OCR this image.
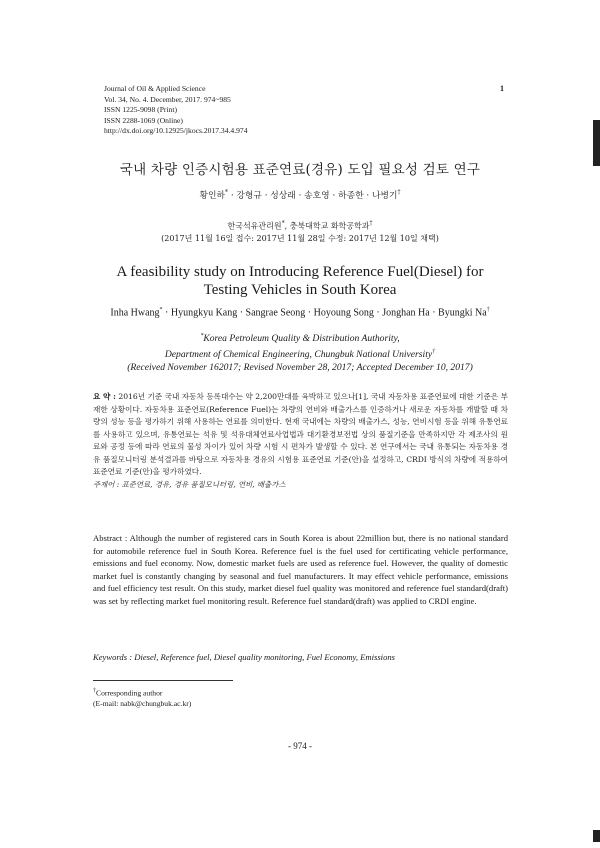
Journal of Oil & Applied Science
Vol. 34, No. 4. December, 2017. 974~985
ISSN 1225-9098 (Print)
ISSN 2288-1069 (Online)
http://dx.doi.org/10.12925/jkocs.2017.34.4.974
1
국내 차량 인증시험용 표준연료(경유) 도입 필요성 검토 연구
황인하* · 강형규 · 성상래 · 송호영 · 하종한 · 나병기†
한국석유관리원*, 충북대학교 화학공학과†
(2017년 11월 16일 접수: 2017년 11월 28일 수정: 2017년 12월 10일 채택)
A feasibility study on Introducing Reference Fuel(Diesel) for
Testing Vehicles in South Korea
Inha Hwang* · Hyungkyu Kang · Sangrae Seong · Hoyoung Song · Jonghan Ha · Byungki Na†
*Korea Petroleum Quality & Distribution Authority,
Department of Chemical Engineering, Chungbuk National University†
(Received November 162017; Revised November 28, 2017; Accepted December 10, 2017)
요 약 : 2016년 기준 국내 자동차 등록대수는 약 2,200만대를 육박하고 있으나[1], 국내 자동차용 표준연료에 대한 기준은 부재한 상황이다. 자동차용 표준연료(Reference Fuel)는 차량의 연비와 배출가스를 인증하거나 새로운 자동차를 개발할 때 차량의 성능 등을 평가하기 위해 사용하는 연료를 의미한다. 현재 국내에는 차량의 배출가스, 성능, 연비시험 등을 위해 유통연료를 사용하고 있으며, 유통연료는 석유 및 석유대체연료사업법과 대기환경보전법 상의 품질기준을 만족하지만 각 제조사의 원료와 공정 등에 따라 연료의 물성 차이가 있어 차량 시험 시 편차가 발생할 수 있다. 본 연구에서는 국내 유통되는 자동차용 경유 품질모니터링 분석결과를 바탕으로 자동차용 경유의 시험용 표준연료 기준(안)을 설정하고, CRDI 방식의 차량에 적용하여 표준연료 기준(안)을 평가하였다.
주제어 : 표준연료, 경유, 경유 품질모니터링, 연비, 배출가스
Abstract : Although the number of registered cars in South Korea is about 22million but, there is no national standard for automobile reference fuel in South Korea. Reference fuel is the fuel used for certificating vehicle performance, emissions and fuel economy. Now, domestic market fuels are used as reference fuel. However, the quality of domestic market fuel is constantly changing by seasonal and fuel manufacturers. It may effect vehicle performance, emissions and fuel efficiency test result. On this study, market diesel fuel quality was monitored and reference fuel standard(draft) was set by reflecting market fuel monitoring result. Reference fuel standard(draft) was applied to CRDI engine.
Keywords : Diesel, Reference fuel, Diesel quality monitoring, Fuel Economy, Emissions
†Corresponding author
(E-mail: nabk@chungbuk.ac.kr)
- 974 -
